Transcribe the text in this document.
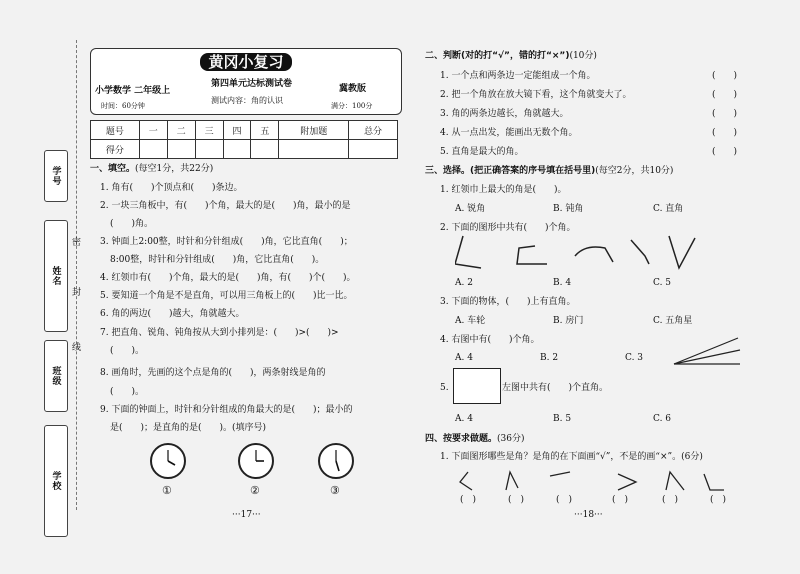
学号
姓名
班级
学校
密
封
线
黄冈小复习
小学数学 二年级上
第四单元达标测试卷	冀教版
时间：60分钟
测试内容：角的认识
满分：100分
题号	一	二	三	四	五	附加题	总分
得分							
一、填空。(每空1分，共22分)
1. 角有(　　)个顶点和(　　)条边。
2. 一块三角板中，有(　　)个角，最大的是(　　)角，最小的是
(　　)角。
3. 钟面上2:00整，时针和分针组成(　　)角，它比直角(　　)；
8:00整，时针和分针组成(　　)角，它比直角(　　)。
4. 红领巾有(　　)个角，最大的是(　　)角，有(　　)个(　　)。
5. 要知道一个角是不是直角，可以用三角板上的(　　)比一比。
6. 角的两边(　　)越大，角就越大。
7. 把直角、锐角、钝角按从大到小排列是：(　　)>(　　)>
(　　)。
8. 画角时，先画的这个点是角的(　　)，两条射线是角的
(　　)。
9. 下面的钟面上，时针和分针组成的角最大的是(　　)；最小的
是(　　)；是直角的是(　　)。(填序号)
①	②	③
···17···
二、判断(对的打“√”，错的打“×”)(10分)
1. 一个点和两条边一定能组成一个角。
2. 把一个角放在放大镜下看，这个角就变大了。
3. 角的两条边越长，角就越大。
4. 从一点出发，能画出无数个角。
5. 直角是最大的角。
(　　)
(　　)
(　　)
(　　)
(　　)
三、选择。(把正确答案的序号填在括号里)(每空2分，共10分)
1. 红领巾上最大的角是(　　)。
A. 锐角	B. 钝角	C. 直角
2. 下面的图形中共有(　　)个角。
A. 2	B. 4	C. 5
3. 下面的物体，(　　)上有直角。
A. 车轮	B. 房门	C. 五角星
4. 右图中有(　　)个角。
A. 4	B. 2	C. 3
5.	左图中共有(　　)个直角。
A. 4	B. 5	C. 6
四、按要求做题。(36分)
1. 下面图形哪些是角？是角的在下面画“√”，不是的画“×”。(6分)
(　)	(　)	(　)	(　)	(　)	(　)
···18···
